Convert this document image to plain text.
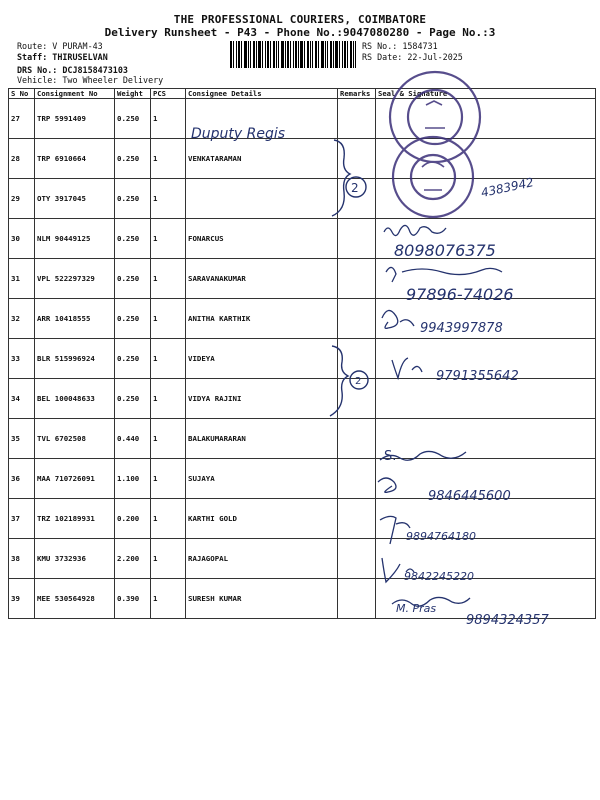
THE PROFESSIONAL COURIERS, COIMBATORE
Delivery Runsheet - P43 - Phone No.:9047080280 - Page No.:3
Route: V PURAM-43
Staff: THIRUSELVAN
DRS No.: DCJ8158473103
Vehicle: Two Wheeler Delivery
RS No.: 1584731
RS Date: 22-Jul-2025
S No	Consignment No	Weight	PCS	Consignee Details	Remarks	Seal & Signature
27	TRP 5991409	0.250	1			
28	TRP 6910664	0.250	1	VENKATARAMAN		
29	OTY 3917045	0.250	1			
30	NLM 90449125	0.250	1	FONARCUS		
31	VPL 522297329	0.250	1	SARAVANAKUMAR		
32	ARR 10418555	0.250	1	ANITHA KARTHIK		
33	BLR 515996924	0.250	1	VIDEYA		
34	BEL 100048633	0.250	1	VIDYA RAJINI		
35	TVL 6702508	0.440	1	BALAKUMARARAN		
36	MAA 710726091	1.100	1	SUJAYA		
37	TRZ 102189931	0.200	1	KARTHI GOLD		
38	KMU 3732936	2.200	1	RAJAGOPAL		
39	MEE 530564928	0.390	1	SURESH KUMAR		
Duputy Regis
2
2
4383942
8098076375
97896-74026
9943997878
9791355642
S.
9846445600
9894764180
9842245220
M. Pras
9894324357
